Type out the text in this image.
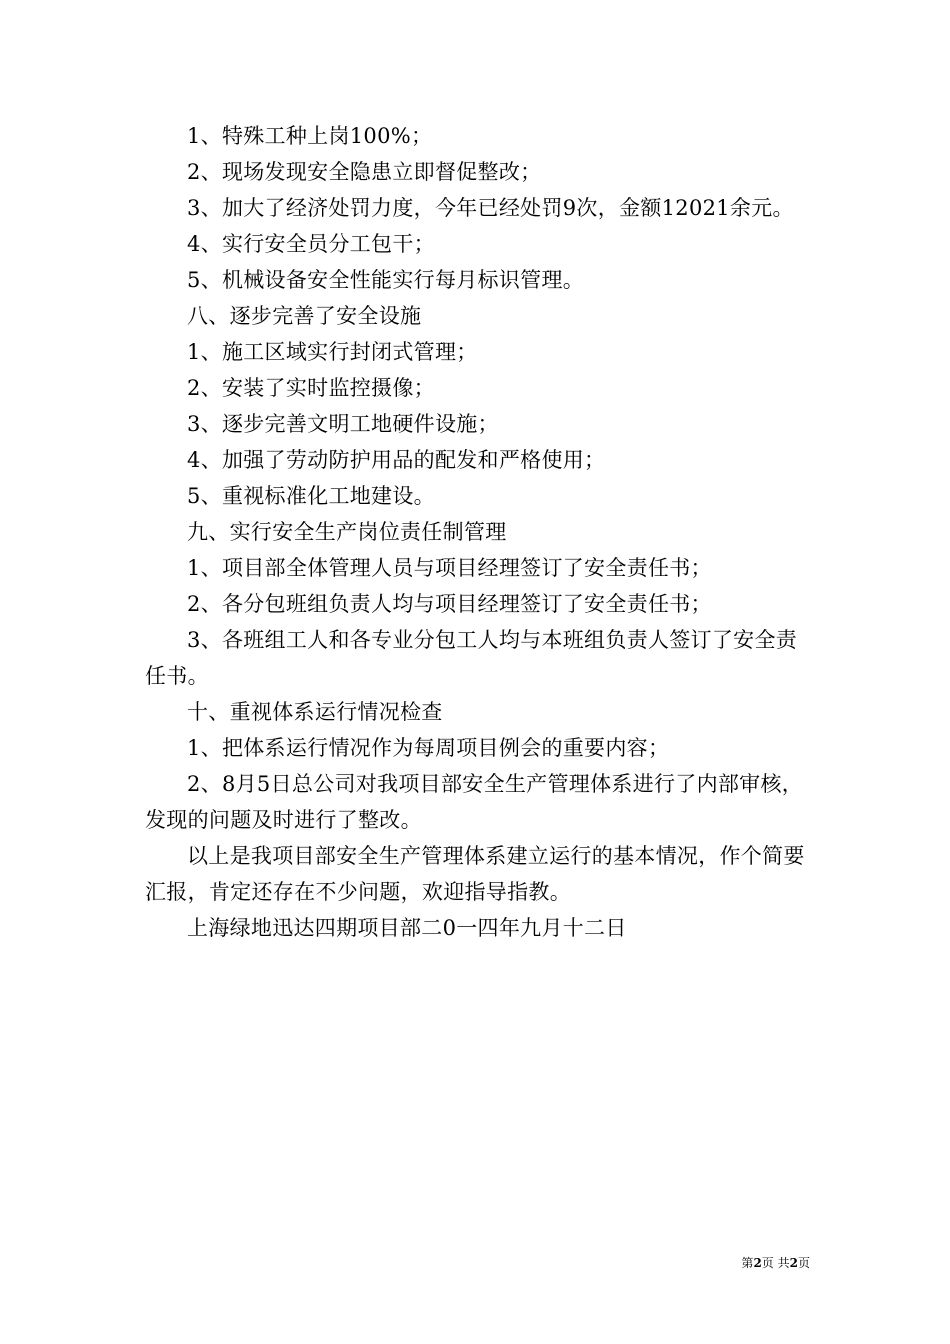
1、特殊工种上岗100%；

2、现场发现安全隐患立即督促整改；

3、加大了经济处罚力度，今年已经处罚9次，金额12021余元。

4、实行安全员分工包干；

5、机械设备安全性能实行每月标识管理。

八、逐步完善了安全设施

1、施工区域实行封闭式管理；

2、安装了实时监控摄像；

3、逐步完善文明工地硬件设施；

4、加强了劳动防护用品的配发和严格使用；

5、重视标准化工地建设。

九、实行安全生产岗位责任制管理

1、项目部全体管理人员与项目经理签订了安全责任书；

2、各分包班组负责人均与项目经理签订了安全责任书；

3、各班组工人和各专业分包工人均与本班组负责人签订了安全责任书。

十、重视体系运行情况检查

1、把体系运行情况作为每周项目例会的重要内容；

2、8月5日总公司对我项目部安全生产管理体系进行了内部审核，发现的问题及时进行了整改。

以上是我项目部安全生产管理体系建立运行的基本情况，作个简要汇报，肯定还存在不少问题，欢迎指导指教。

上海绿地迅达四期项目部二0一四年九月十二日

第2页 共2页
